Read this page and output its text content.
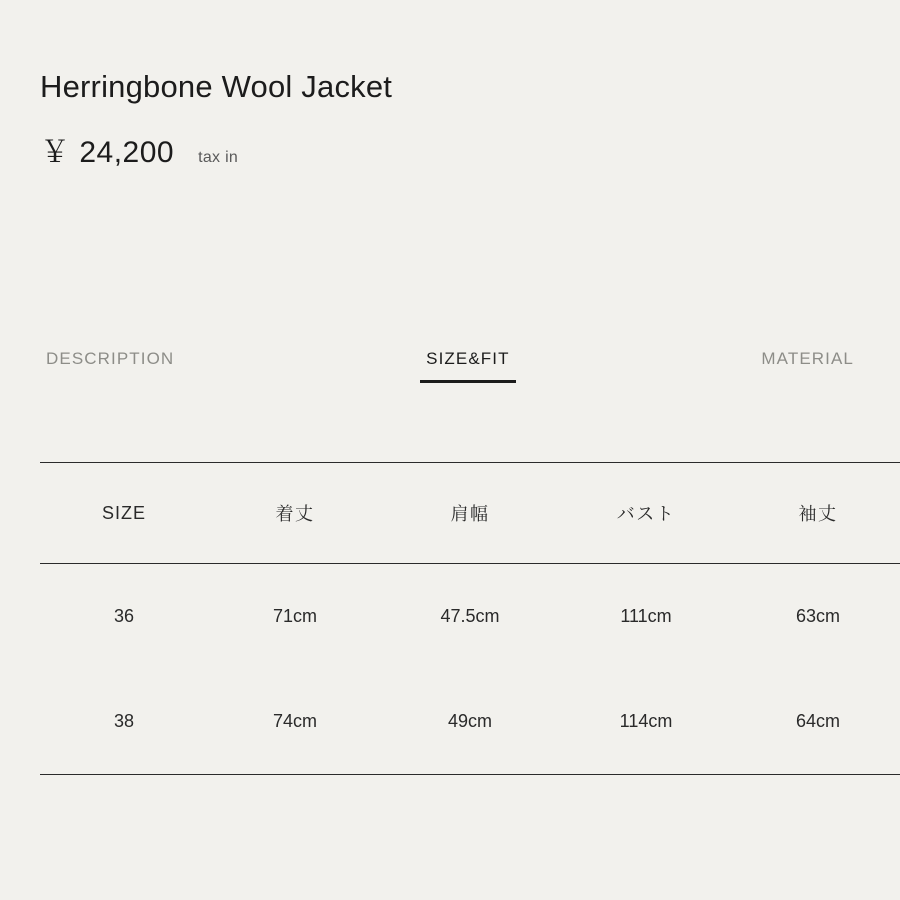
Herringbone Wool Jacket
￥ 24,200 tax in
DESCRIPTION	SIZE&FIT	MATERIAL
SIZE	着丈	肩幅	バスト	袖丈
36	71cm	47.5cm	111cm	63cm
38	74cm	49cm	114cm	64cm
